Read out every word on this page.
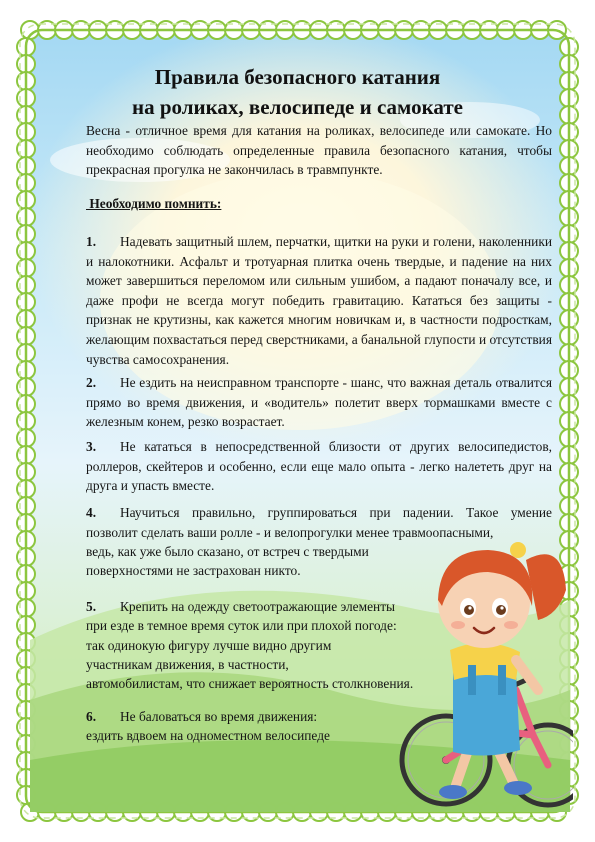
Правила безопасного катания
на роликах, велосипеде и самокате
Весна - отличное время для катания на роликах, велосипеде или самокате. Но необходимо соблюдать определенные правила безопасного катания, чтобы прекрасная прогулка не закончилась в травмпункте.
Необходимо помнить:
1. Надевать защитный шлем, перчатки, щитки на руки и голени, наколенники и налокотники. Асфальт и тротуарная плитка очень твердые, и падение на них может завершиться переломом или сильным ушибом, а падают поначалу все, и даже профи не всегда могут победить гравитацию. Кататься без защиты - признак не крутизны, как кажется многим новичкам и, в частности подросткам, желающим похвастаться перед сверстниками, а банальной глупости и отсутствия чувства самосохранения.
2. Не ездить на неисправном транспорте - шанс, что важная деталь отвалится прямо во время движения, и «водитель» полетит вверх тормашками вместе с железным конем, резко возрастает.
3. Не кататься в непосредственной близости от других велосипедистов, роллеров, скейтеров и особенно, если еще мало опыта - легко налететь друг на друга и упасть вместе.
4. Научиться правильно, группироваться при падении. Такое умение позволит сделать ваши ролле - и велопрогулки менее травмоопасными,
ведь, как уже было сказано, от встреч с твердыми
поверхностями не застрахован никто.
5. Крепить на одежду светоотражающие элементы
при езде в темное время суток или при плохой погоде:
так одинокую фигуру лучше видно другим
участникам движения, в частности,
автомобилистам, что снижает вероятность столкновения.
6. Не баловаться во время движения:
ездить вдвоем на одноместном велосипеде
